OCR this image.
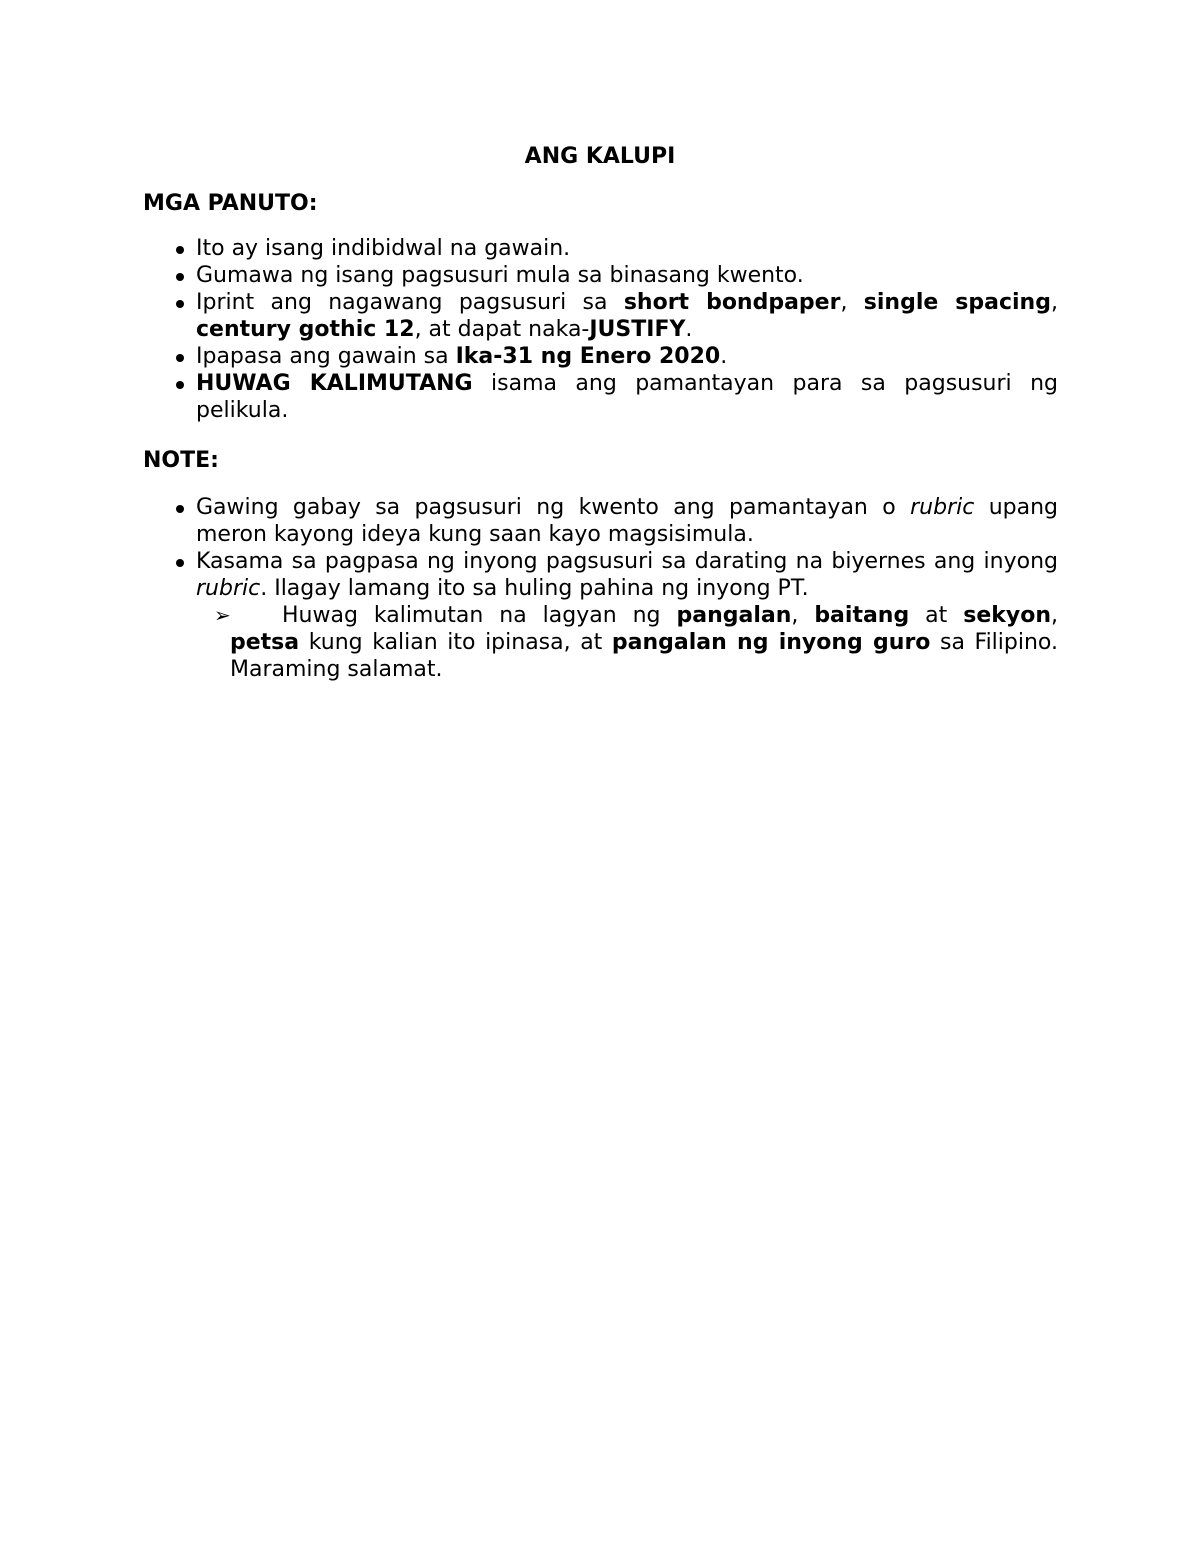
ANG KALUPI
MGA PANUTO:
Ito ay isang indibidwal na gawain.
Gumawa ng isang pagsusuri mula sa binasang kwento.
Iprint ang nagawang pagsusuri sa short bondpaper, single spacing, century gothic 12, at dapat naka-JUSTIFY.
Ipapasa ang gawain sa Ika-31 ng Enero 2020.
HUWAG KALIMUTANG isama ang pamantayan para sa pagsusuri ng pelikula.
NOTE:
Gawing gabay sa pagsusuri ng kwento ang pamantayan o rubric upang meron kayong ideya kung saan kayo magsisimula.
Kasama sa pagpasa ng inyong pagsusuri sa darating na biyernes ang inyong rubric. Ilagay lamang ito sa huling pahina ng inyong PT.
➢ Huwag kalimutan na lagyan ng pangalan, baitang at sekyon, petsa kung kalian ito ipinasa, at pangalan ng inyong guro sa Filipino. Maraming salamat.
